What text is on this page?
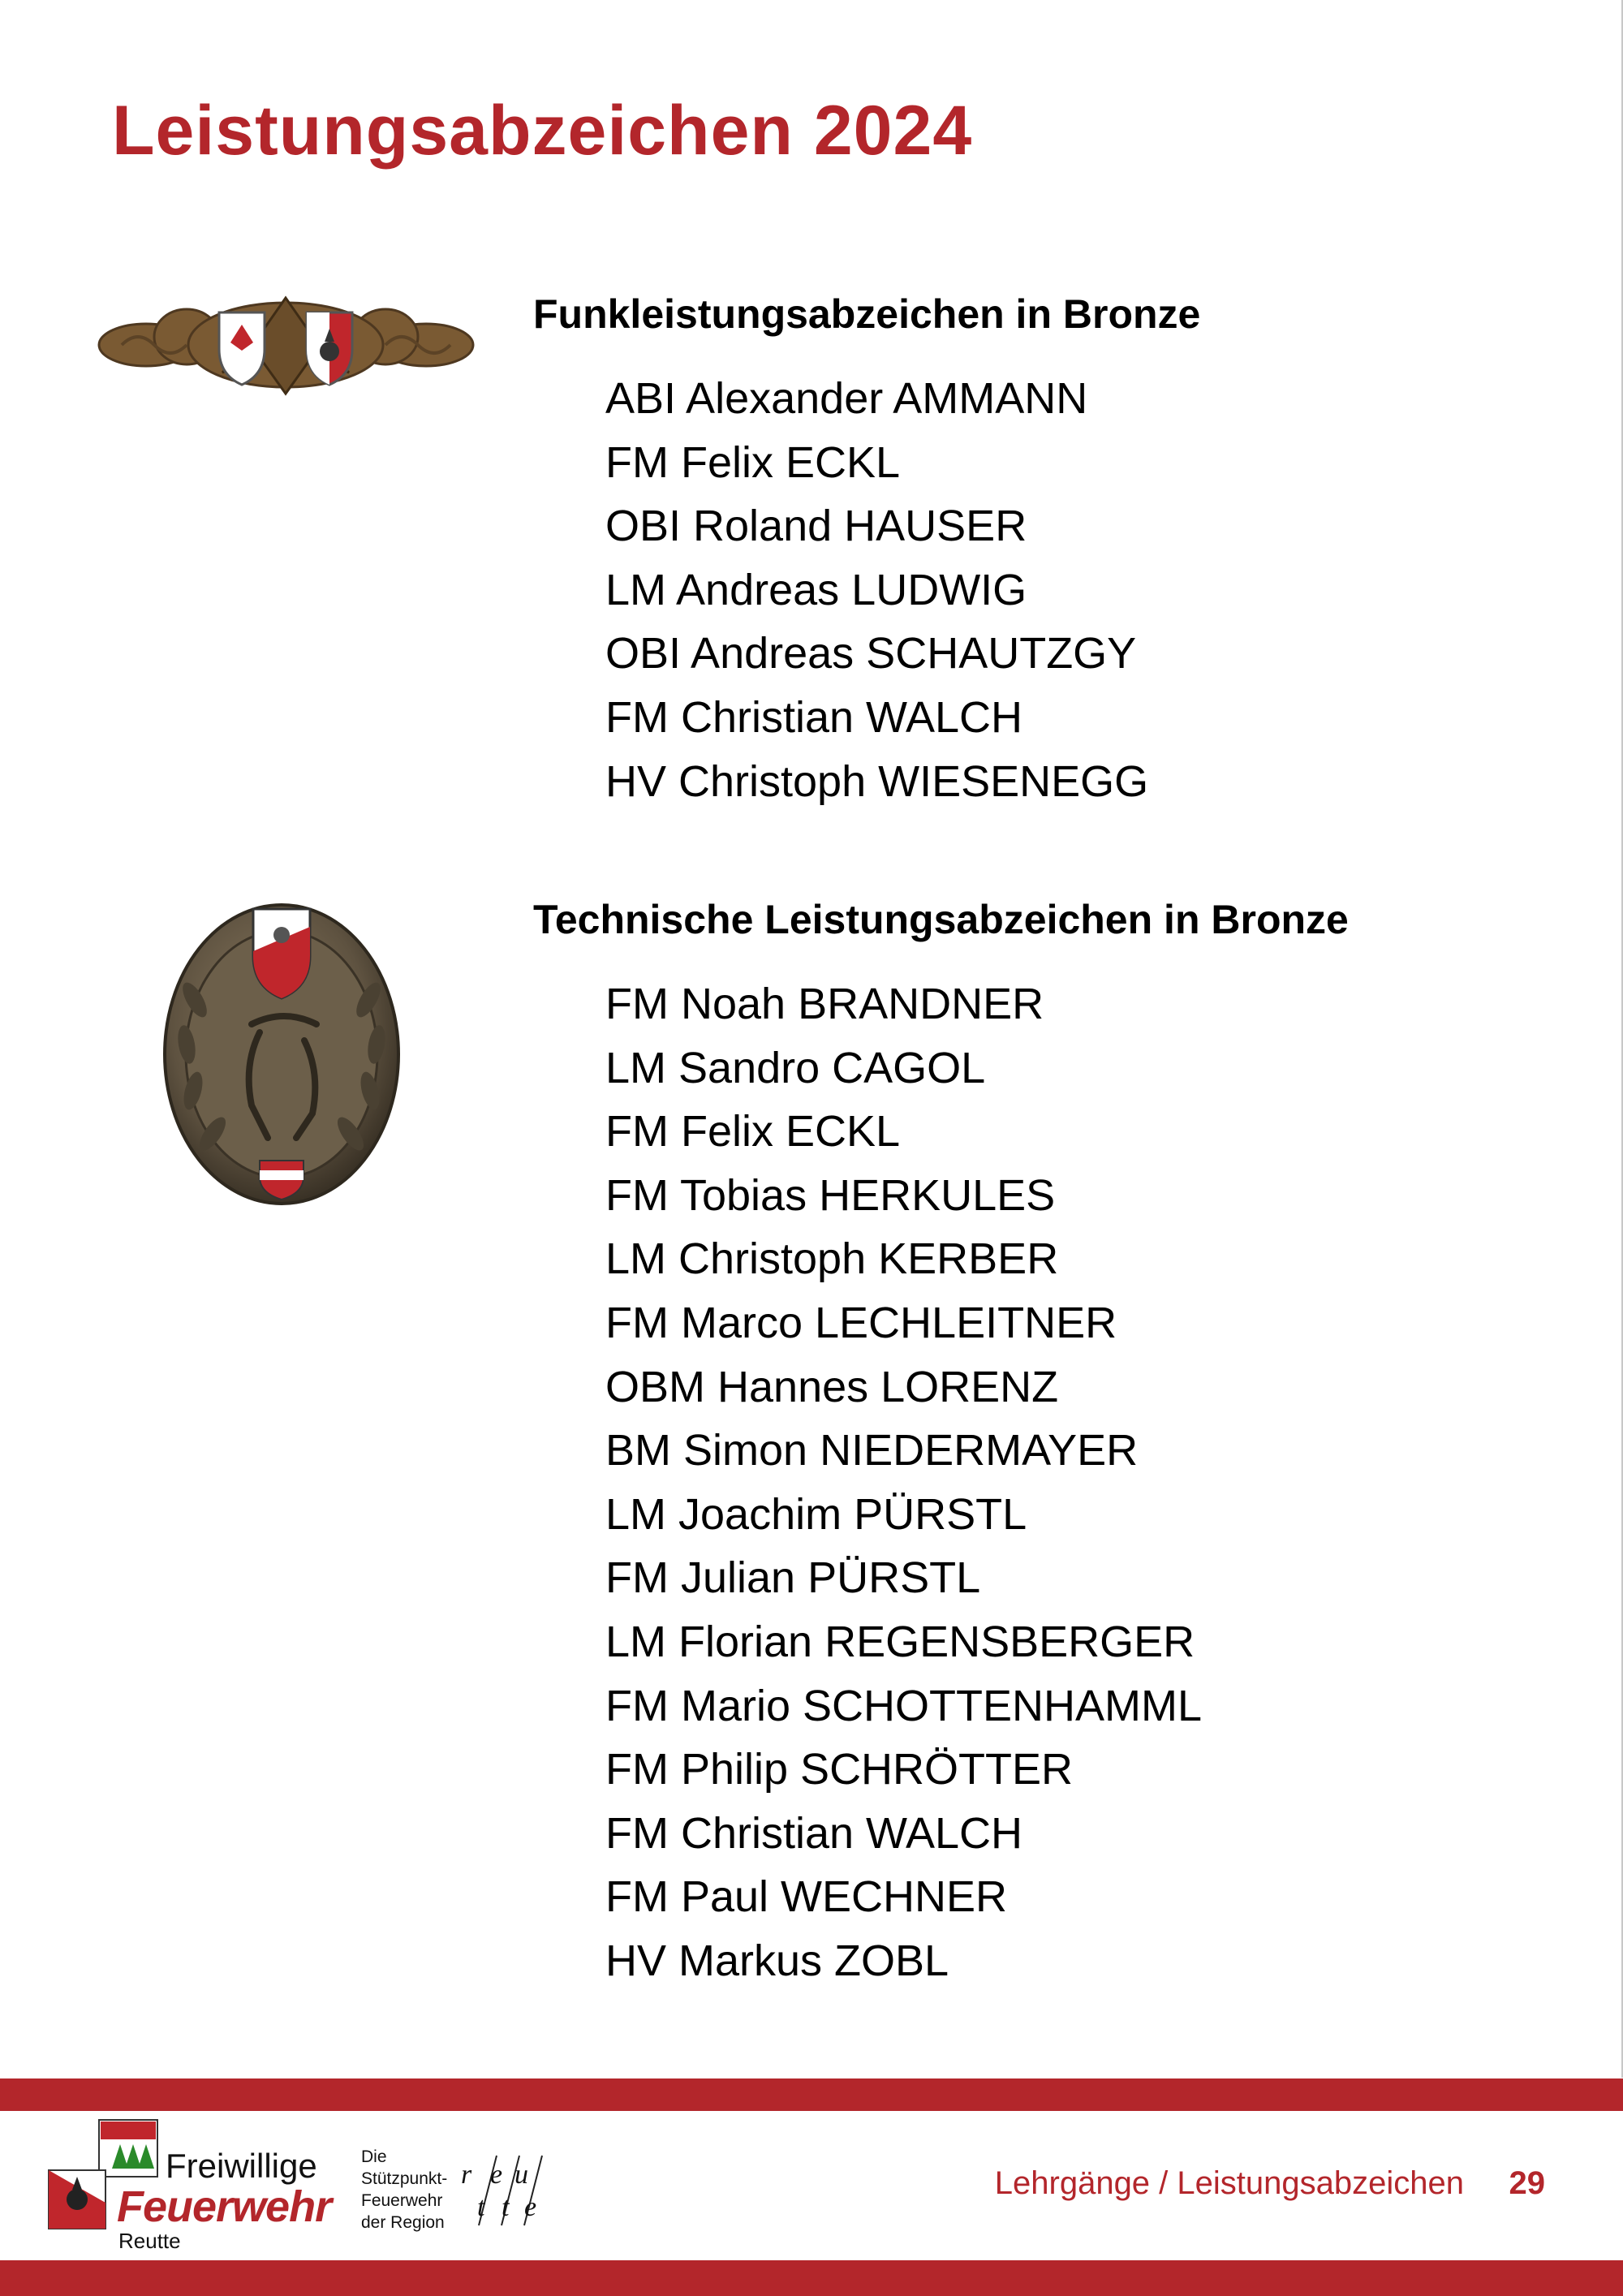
Leistungsabzeichen 2024
Funkleistungsabzeichen in Bronze
ABI Alexander AMMANN
FM Felix ECKL
OBI Roland HAUSER
LM Andreas LUDWIG
OBI Andreas SCHAUTZGY
FM Christian WALCH
HV Christoph WIESENEGG
Technische Leistungsabzeichen in Bronze
FM Noah BRANDNER
LM Sandro CAGOL
FM Felix ECKL
FM Tobias HERKULES
LM Christoph KERBER
FM Marco LECHLEITNER
OBM Hannes LORENZ
BM Simon NIEDERMAYER
LM Joachim PÜRSTL
FM Julian PÜRSTL
LM Florian REGENSBERGER
FM Mario SCHOTTENHAMML
FM Philip SCHRÖTTER
FM Christian WALCH
FM Paul WECHNER
HV Markus ZOBL
Freiwillige
Feuerwehr
Reutte
Die
Stützpunkt-
Feuerwehr
der Region
r e u
t t e
Lehrgänge / Leistungsabzeichen 29
